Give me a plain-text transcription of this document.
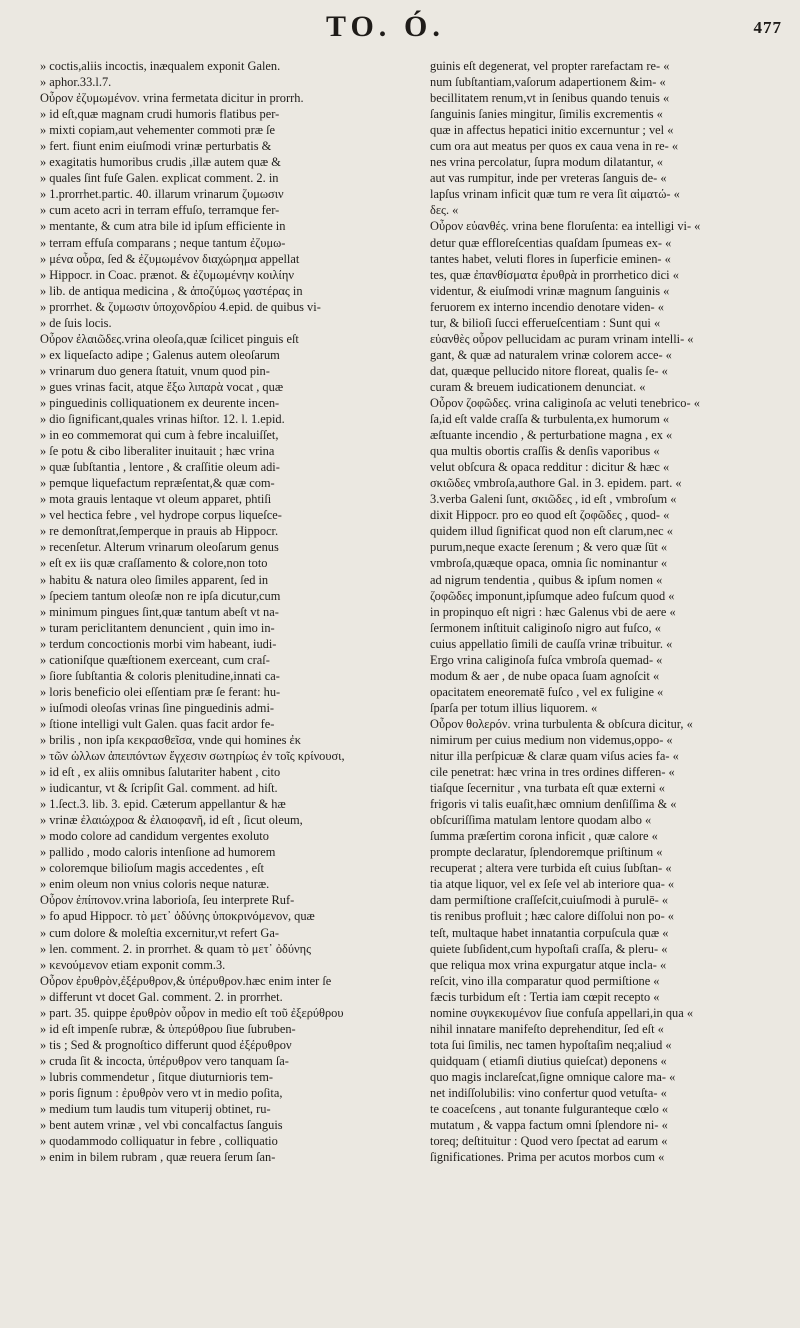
TO. Ó.	477
» coctis,aliis incoctis, inæqualem exponit Galen.
» aphor.33.l.7.
Οὖρον ἐζυμωμένον. vrina fermetata dicitur in prorrh.
» id eſt,quæ magnam crudi humoris flatibus per-
» mixti copiam,aut vehementer commoti præ ſe
» fert. fiunt enim eiuſmodi vrinæ perturbatis &
» exagitatis humoribus crudis ,illæ autem quæ &
» quales ſint fuſe Galen. explicat comment. 2. in
» 1.prorrhet.partic. 40. illarum vrinarum ζυμωσιν
» cum aceto acri in terram effuſo, terramque fer-
» mentante, & cum atra bile id ipſum efficiente in
» terram effuſa comparans ; neque tantum ἐζυμω-
» μένα οὖρα, ſed & ἐζυμωμένον διαχώρημα appellat
» Hippocr. in Coac. prænot. & ἐζυμωμένην κοιλίην
» lib. de antiqua medicina , & ἀποζύμως γαστέρας in
» prorrhet. & ζυμωσιν ὑποχονδρίου 4.epid. de quibus vi-
» de ſuis locis.
Οὖρον ἐλαιῶδες.vrina oleoſa,quæ ſcilicet pinguis eſt
» ex liqueſacto adipe ; Galenus autem oleoſarum
» vrinarum duo genera ſtatuit, vnum quod pin-
» gues vrinas facit, atque ἔξω λιπαρὰ vocat , quæ
» pinguedinis colliquationem ex deurente incen-
» dio ſignificant,quales vrinas hiſtor. 12. l. 1.epid.
» in eo commemorat qui cum à febre incaluiſſet,
» ſe potu & cibo liberaliter inuitauit ; hæc vrina
» quæ ſubſtantia , lentore , & craſſitie oleum adi-
» pemque liquefactum repræſentat,& quæ com-
» mota grauis lentaque vt oleum apparet, phtiſi
» vel hectica febre , vel hydrope corpus liqueſce-
» re demonſtrat,ſemperque in prauis ab Hippocr.
» recenſetur. Alterum vrinarum oleoſarum genus
» eſt ex iis quæ craſſamento & colore,non toto
» habitu & natura oleo ſimiles apparent, ſed in
» ſpeciem tantum oleoſæ non re ipſa dicutur,cum
» minimum pingues ſint,quæ tantum abeſt vt na-
» turam periclitantem denuncient , quin imo in-
» terdum concoctionis morbi vim habeant, iudi-
» cationiſque quæſtionem exerceant, cum craſ-
» ſiore ſubſtantia & coloris plenitudine,innati ca-
» loris beneficio olei eſſentiam præ ſe ferant: hu-
» iuſmodi oleoſas vrinas ſine pinguedinis admi-
» ſtione intelligi vult Galen. quas facit ardor fe-
» brilis , non ipſa κεκρασθεῖσα, vnde qui homines ἐκ
» τῶν ὠλλων ἀπειπόντων ἔγχεσιν σωτηρίως ἐν τοῖς κρίνουσι,
» id eſt , ex aliis omnibus ſalutariter habent , cito
» iudicantur, vt & ſcripſit Gal. comment. ad hiſt.
» 1.ſect.3. lib. 3. epid. Cæterum appellantur & hæ
» vrinæ ἐλαιώχροα & ἐλαιοφανῆ, id eſt , ſicut oleum,
» modo colore ad candidum vergentes exoluto
» pallido , modo caloris intenſione ad humorem
» coloremque bilioſum magis accedentes , eſt
» enim oleum non vnius coloris neque naturæ.
Οὖρον ἐπίπονον.vrina laborioſa, ſeu interprete Ruf-
» fo apud Hippocr. τὸ μετ᾽ ὀδύνης ὑποκρινόμενον, quæ
» cum dolore & moleſtia excernitur,vt refert Ga-
» len. comment. 2. in prorrhet. & quam τὸ μετ᾽ ὀδύνης
» κενούμενον etiam exponit comm.3.
Οὖρον ἐρυθρὸν,ἐξέρυθρον,& ὑπέρυθρον.hæc enim inter ſe
» differunt vt docet Gal. comment. 2. in prorrhet.
» part. 35. quippe ἐρυθρὸν οὖρον in medio eſt τοῦ ἐξερύθρου
» id eſt impenſe rubræ, & ὑπερύθρου ſiue ſubruben-
» tis ; Sed & prognoſtico differunt quod ἐξέρυθρον
» cruda ſit & incocta, ὑπέρυθρον vero tanquam ſa-
» lubris commendetur , ſitque diuturnioris tem-
» poris ſignum : ἐρυθρὸν vero vt in medio poſita,
» medium tum laudis tum vituperij obtinet, ru-
» bent autem vrinæ , vel vbi concalfactus ſanguis
» quodammodo colliquatur in febre , colliquatio
» enim in bilem rubram , quæ reuera ſerum ſan-
guinis eſt degenerat, vel propter rarefactam re- «
num ſubſtantiam,vaſorum adapertionem &im- «
becillitatem renum,vt in ſenibus quando tenuis «
ſanguinis ſanies mingitur, ſimilis excrementis «
quæ in affectus hepatici initio excernuntur ; vel «
cum ora aut meatus per quos ex caua vena in re- «
nes vrina percolatur, ſupra modum dilatantur, «
aut vas rumpitur, inde per vreteras ſanguis de- «
lapſus vrinam inficit quæ tum re vera ſit αἱματώ- «
δες. «
Οὖρον εὐανθές. vrina bene floruſenta: ea intelligi vi- «
detur quæ effloreſcentias quaſdam ſpumeas ex- «
tantes habet, veluti flores in ſuperficie eminen- «
tes, quæ ἐπανθίσματα ἐρυθρὰ in prorrhetico dici «
videntur, & eiuſmodi vrinæ magnum ſanguinis «
feruorem ex interno incendio denotare viden- «
tur, & bilioſi ſucci efferueſcentiam : Sunt qui «
εὐανθὲς οὖρον pellucidam ac puram vrinam intelli- «
gant, & quæ ad naturalem vrinæ colorem acce- «
dat, quæque pellucido nitore floreat, qualis ſe- «
curam & breuem iudicationem denunciat. «
Οὖρον ζοφῶδες. vrina caliginoſa ac veluti tenebrico- «
ſa,id eſt valde craſſa & turbulenta,ex humorum «
æſtuante incendio , & perturbatione magna , ex «
qua multis obortis craſſis & denſis vaporibus «
velut obſcura & opaca redditur : dicitur & hæc «
σκιῶδες vmbroſa,authore Gal. in 3. epidem. part. «
3.verba Galeni ſunt, σκιῶδες , id eſt , vmbroſum «
dixit Hippocr. pro eo quod eſt ζοφῶδες , quod- «
quidem illud ſignificat quod non eſt clarum,nec «
purum,neque exacte ſerenum ; & vero quæ ſūt «
vmbroſa,quæque opaca, omnia ſic nominantur «
ad nigrum tendentia , quibus & ipſum nomen «
ζοφῶδες imponunt,ipſumque adeo fuſcum quod «
in propinquo eſt nigri : hæc Galenus vbi de aere «
ſermonem inſtituit caliginoſo nigro aut fuſco, «
cuius appellatio ſimili de cauſſa vrinæ tribuitur. «
Ergo vrina caliginoſa fuſca vmbroſa quemad- «
modum & aer , de nube opaca ſuam agnoſcit «
opacitatem eneorematē fuſco , vel ex fuligine «
ſparſa per totum illius liquorem. «
Οὖρον θολερόν. vrina turbulenta & obſcura dicitur, «
nimirum per cuius medium non videmus,oppo- «
nitur illa perſpicuæ & claræ quam viſus acies fa- «
cile penetrat: hæc vrina in tres ordines differen- «
tiaſque ſecernitur , vna turbata eſt quæ externi «
frigoris vi talis euaſit,hæc omnium denſiſſima & «
obſcuriſſima matulam lentore quodam albo «
ſumma præſertim corona inficit , quæ calore «
prompte declaratur, ſplendoremque priſtinum «
recuperat ; altera vere turbida eſt cuius ſubſtan- «
tia atque liquor, vel ex ſeſe vel ab interiore qua- «
dam permiſtione craſſeſcit,cuiuſmodi à purulē- «
tis renibus profluit ; hæc calore diſſolui non po- «
teſt, multaque habet innatantia corpuſcula quæ «
quiete ſubſident,cum hypoſtaſi craſſa, & pleru- «
que reliqua mox vrina expurgatur atque incla- «
reſcit, vino illa comparatur quod permiſtione «
fæcis turbidum eſt : Tertia iam cœpit recepto «
nomine συγκεκυμένον ſiue confuſa appellari,in qua «
nihil innatare manifeſto deprehenditur, ſed eſt «
tota ſui ſimilis, nec tamen hypoſtaſim neq;aliud «
quidquam ( etiamſi diutius quieſcat) deponens «
quo magis inclareſcat,ſigne omnique calore ma- «
net indiſſolubilis: vino confertur quod vetuſta- «
te coaceſcens , aut tonante fulguranteque cœlo «
mutatum , & vappa factum omni ſplendore ni- «
toreq; deſtituitur : Quod vero ſpectat ad earum «
ſignificationes. Prima per acutos morbos cum «
